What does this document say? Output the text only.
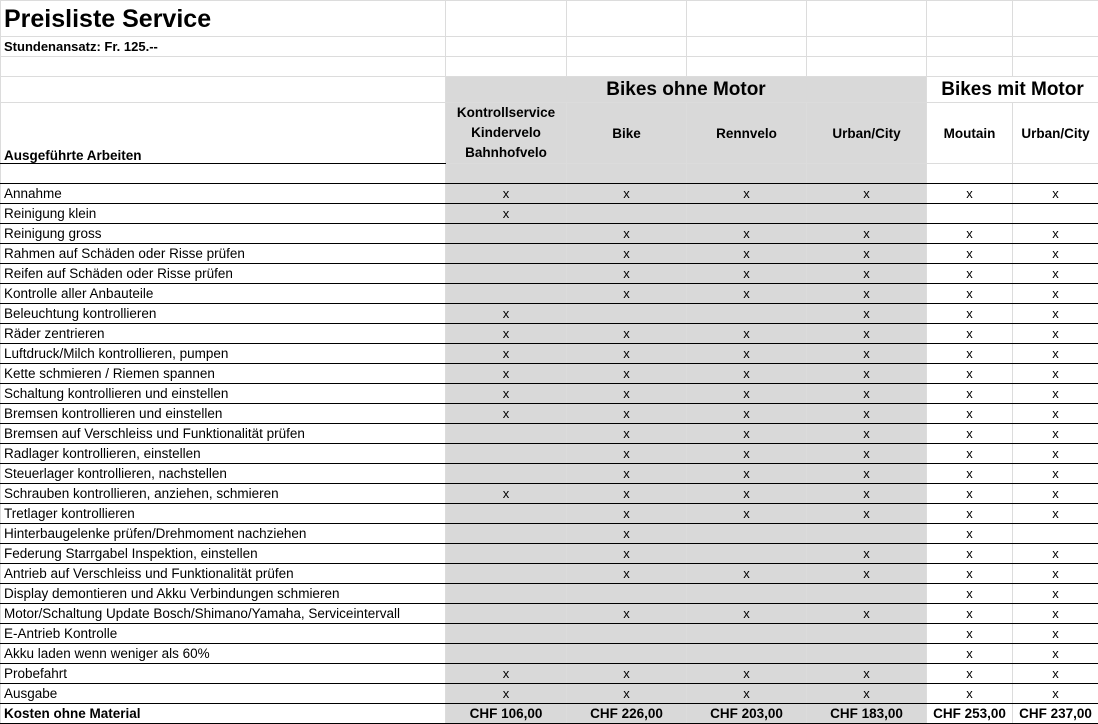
Preisliste Service						
Stundenansatz: Fr. 125.--						

	Bikes ohne Motor				Bikes mit Motor	
Ausgeführte Arbeiten	Kontrollservice
Kindervelo
Bahnhofvelo	Bike	Rennvelo	Urban/City	Moutain	Urban/City

Annahme	x	x	x	x	x	x
Reinigung klein	x					
Reinigung gross		x	x	x	x	x
Rahmen auf Schäden oder Risse prüfen		x	x	x	x	x
Reifen auf Schäden oder Risse prüfen		x	x	x	x	x
Kontrolle aller Anbauteile		x	x	x	x	x
Beleuchtung kontrollieren	x			x	x	x
Räder zentrieren	x	x	x	x	x	x
Luftdruck/Milch kontrollieren, pumpen	x	x	x	x	x	x
Kette schmieren / Riemen spannen	x	x	x	x	x	x
Schaltung kontrollieren und einstellen	x	x	x	x	x	x
Bremsen kontrollieren und einstellen	x	x	x	x	x	x
Bremsen auf Verschleiss und Funktionalität prüfen		x	x	x	x	x
Radlager kontrollieren, einstellen		x	x	x	x	x
Steuerlager kontrollieren, nachstellen		x	x	x	x	x
Schrauben kontrollieren, anziehen, schmieren	x	x	x	x	x	x
Tretlager kontrollieren		x	x	x	x	x
Hinterbaugelenke prüfen/Drehmoment nachziehen		x			x	
Federung Starrgabel Inspektion, einstellen		x		x	x	x
Antrieb auf Verschleiss und Funktionalität prüfen		x	x	x	x	x
Display demontieren und Akku Verbindungen schmieren					x	x
Motor/Schaltung Update Bosch/Shimano/Yamaha, Serviceintervall		x	x	x	x	x
E-Antrieb Kontrolle					x	x
Akku laden wenn weniger als 60%					x	x
Probefahrt	x	x	x	x	x	x
Ausgabe	x	x	x	x	x	x
Kosten ohne Material	CHF 106,00	CHF 226,00	CHF 203,00	CHF 183,00	CHF 253,00	CHF 237,00
